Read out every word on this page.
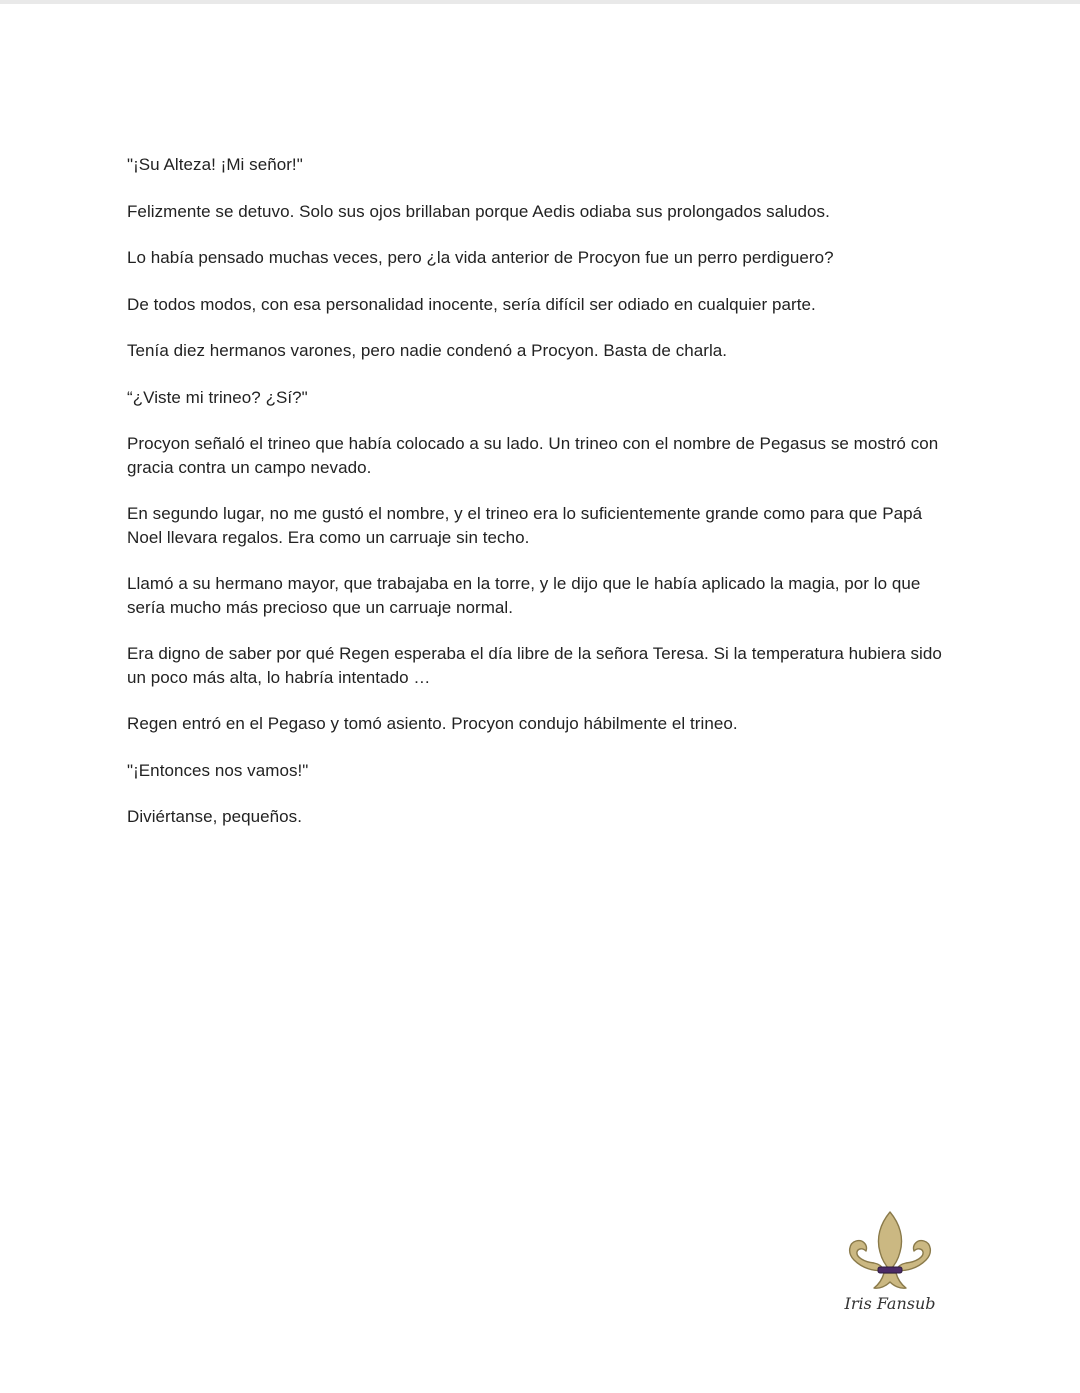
"¡Su Alteza! ¡Mi señor!"

Felizmente se detuvo. Solo sus ojos brillaban porque Aedis odiaba sus prolongados saludos.

Lo había pensado muchas veces, pero ¿la vida anterior de Procyon fue un perro perdiguero?

De todos modos, con esa personalidad inocente, sería difícil ser odiado en cualquier parte.

Tenía diez hermanos varones, pero nadie condenó a Procyon. Basta de charla.

“¿Viste mi trineo? ¿Sí?"

Procyon señaló el trineo que había colocado a su lado. Un trineo con el nombre de Pegasus se mostró con gracia contra un campo nevado.

En segundo lugar, no me gustó el nombre, y el trineo era lo suficientemente grande como para que Papá Noel llevara regalos. Era como un carruaje sin techo.

Llamó a su hermano mayor, que trabajaba en la torre, y le dijo que le había aplicado la magia, por lo que sería mucho más precioso que un carruaje normal.

Era digno de saber por qué Regen esperaba el día libre de la señora Teresa. Si la temperatura hubiera sido un poco más alta, lo habría intentado …

Regen entró en el Pegaso y tomó asiento. Procyon condujo hábilmente el trineo.

"¡Entonces nos vamos!"

Diviértanse, pequeños.

Iris Fansub
